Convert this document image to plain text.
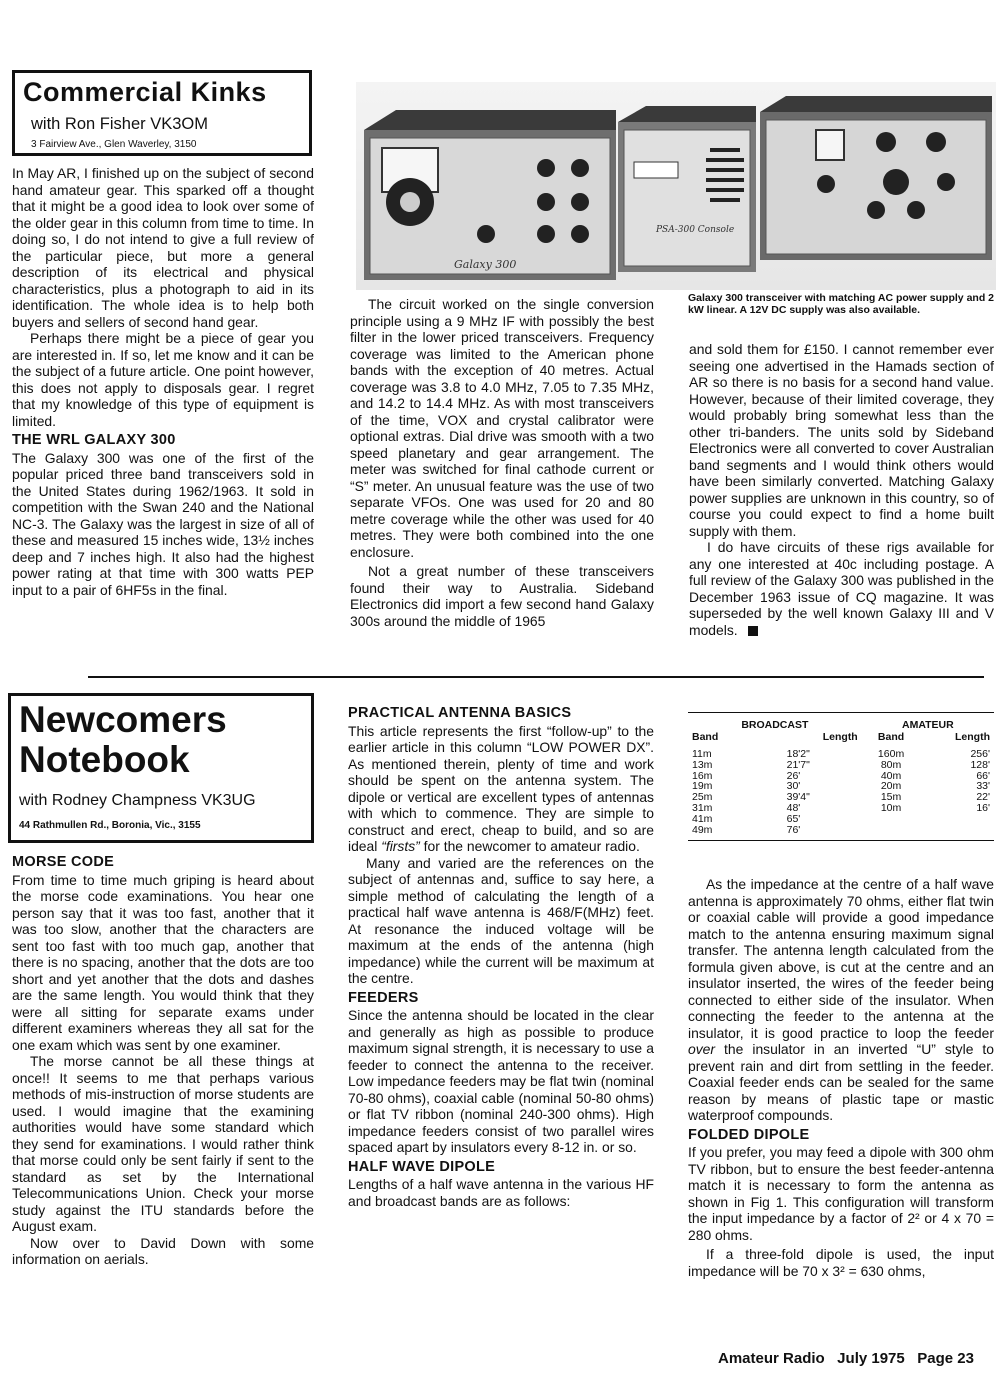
Commercial Kinks
with Ron Fisher VK3OM
3 Fairview Ave., Glen Waverley, 3150
Galaxy 300
PSA-300 Console
Galaxy 300 transceiver with matching AC power supply and 2 kW linear. A 12V DC supply was also available.

In May AR, I finished up on the subject of second hand amateur gear. This sparked off a thought that it might be a good idea to look over some of the older gear in this column from time to time. In doing so, I do not intend to give a full review of the particular piece, but more a general description of its electrical and physical characteristics, plus a photograph to aid in its identification. The whole idea is to help both buyers and sellers of second hand gear.

Perhaps there might be a piece of gear you are interested in. If so, let me know and it can be the subject of a future article. One point however, this does not apply to disposals gear. I regret that my knowledge of this type of equipment is limited.

THE WRL GALAXY 300

The Galaxy 300 was one of the first of the popular priced three band transceivers sold in the United States during 1962/1963. It sold in competition with the Swan 240 and the National NC-3. The Galaxy was the largest in size of all of these and measured 15 inches wide, 13½ inches deep and 7 inches high. It also had the highest power rating at that time with 300 watts PEP input to a pair of 6HF5s in the final.

The circuit worked on the single conversion principle using a 9 MHz IF with possibly the best filter in the lower priced transceivers. Frequency coverage was limited to the American phone bands with the exception of 40 metres. Actual coverage was 3.8 to 4.0 MHz, 7.05 to 7.35 MHz, and 14.2 to 14.4 MHz. As with most transceivers of the time, VOX and crystal calibrator were optional extras. Dial drive was smooth with a two speed planetary and gear arrangement. The meter was switched for final cathode current or “S” meter. An unusual feature was the use of two separate VFOs. One was used for 20 and 80 metre coverage while the other was used for 40 metres. They were both combined into the one enclosure.

Not a great number of these transceivers found their way to Australia. Sideband Electronics did import a few second hand Galaxy 300s around the middle of 1965

and sold them for £150. I cannot remember ever seeing one advertised in the Hamads section of AR so there is no basis for a second hand value. However, because of their limited coverage, they would probably bring somewhat less than the other tri-banders. The units sold by Sideband Electronics were all converted to cover Australian band segments and I would think others would have been similarly converted. Matching Galaxy power supplies are unknown in this country, so of course you could expect to find a home built supply with them.

I do have circuits of these rigs available for any one interested at 40c including postage. A full review of the Galaxy 300 was published in the December 1963 issue of CQ magazine. It was superseded by the well known Galaxy III and V models.

Newcomers
Notebook
with Rodney Champness VK3UG
44 Rathmullen Rd., Boronia, Vic., 3155
MORSE CODE

From time to time much griping is heard about the morse code examinations. You hear one person say that it was too fast, another that it was too slow, another that the characters are sent too fast with too much gap, another that there is no spacing, another that the dots are too short and yet another that the dots and dashes are the same length. You would think that they were all sitting for separate exams under different examiners whereas they all sat for the one exam which was sent by one examiner.

The morse cannot be all these things at once!! It seems to me that perhaps various methods of mis-instruction of morse students are used. I would imagine that the examining authorities would have some standard which they send for examinations. I would rather think that morse could only be sent fairly if sent to the standard as set by the International Telecommunications Union. Check your morse study against the ITU standards before the August exam.

Now over to David Down with some information on aerials.

PRACTICAL ANTENNA BASICS

This article represents the first “follow-up” to the earlier article in this column “LOW POWER DX”. As mentioned therein, plenty of time and work should be spent on the antenna system. The dipole or vertical are excellent types of antennas with which to commence. They are simple to construct and erect, cheap to build, and so are ideal “firsts” for the newcomer to amateur radio.

Many and varied are the references on the subject of antennas and, suffice to say here, a simple method of calculating the length of a practical half wave antenna is 468/F(MHz) feet. At resonance the induced voltage will be maximum at the ends of the antenna (high impedance) while the current will be maximum at the centre.

FEEDERS

Since the antenna should be located in the clear and generally as high as possible to produce maximum signal strength, it is necessary to use a feeder to connect the antenna to the receiver. Low impedance feeders may be flat twin (nominal 70-80 ohms), coaxial cable (nominal 50-80 ohms) or flat TV ribbon (nominal 240-300 ohms). High impedance feeders consist of two parallel wires spaced apart by insulators every 8-12 in. or so.

HALF WAVE DIPOLE

Lengths of a half wave antenna in the various HF and broadcast bands are as follows:

BROADCAST		AMATEUR	
Band	Length	Band	Length

11m	18'2"	160m	256'
13m	21'7"	80m	128'
16m	26'	40m	66'
19m	30'	20m	33'
25m	39'4"	15m	22'
31m	48'	10m	16'
41m	65'		
49m	76'		

As the impedance at the centre of a half wave antenna is approximately 70 ohms, either flat twin or coaxial cable will provide a good impedance match to the antenna ensuring maximum signal transfer. The antenna length calculated from the formula given above, is cut at the centre and an insulator inserted, the wires of the feeder being connected to either side of the insulator. When connecting the feeder to the antenna at the insulator, it is good practice to loop the feeder over the insulator in an inverted “U” style to prevent rain and dirt from settling in the feeder. Coaxial feeder ends can be sealed for the same reason by means of plastic tape or mastic waterproof compounds.

FOLDED DIPOLE

If you prefer, you may feed a dipole with 300 ohm TV ribbon, but to ensure the best feeder-antenna match it is necessary to form the antenna as shown in Fig 1. This configuration will transform the input impedance by a factor of 2² or 4 x 70 = 280 ohms.

If a three-fold dipole is used, the input impedance will be 70 x 3² = 630 ohms,

Amateur Radio   July 1975   Page 23
